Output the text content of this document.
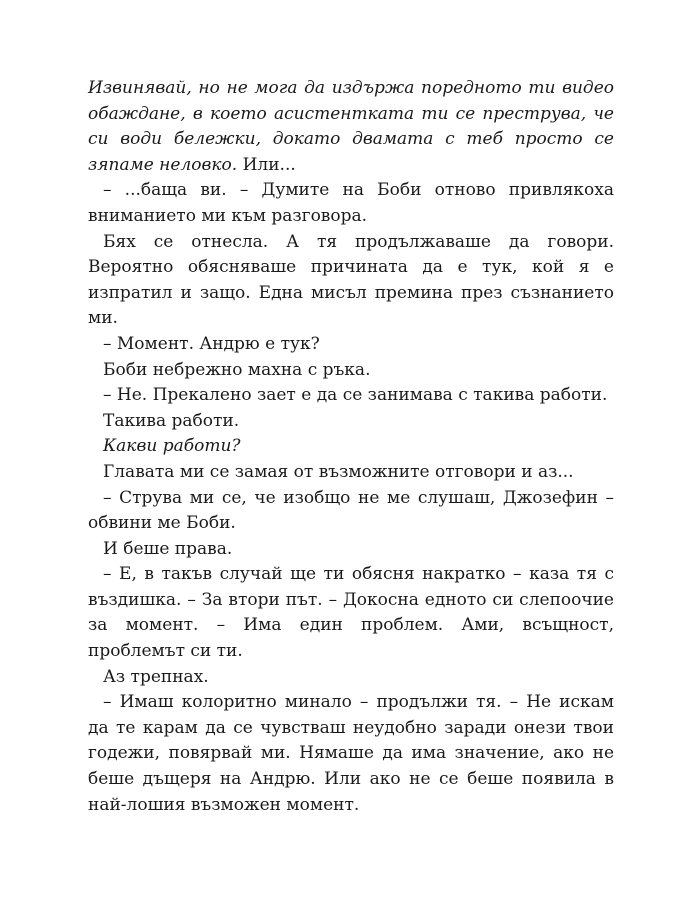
Извинявай, но не мога да издържа поредното ти видео обаждане, в което асистентката ти се преструва, че си води бележки, докато двамата с теб просто се зяпаме неловко. Или...

– ...баща ви. – Думите на Боби отново привлякоха вниманието ми към разговора.

Бях се отнесла. А тя продължаваше да говори. Вероятно обясняваше причината да е тук, кой я е изпратил и защо. Една мисъл премина през съзнанието ми.

– Момент. Андрю е тук?

Боби небрежно махна с ръка.

– Не. Прекалено зает е да се занимава с такива работи.

Такива работи.

Какви работи?

Главата ми се замая от възможните отговори и аз...

– Струва ми се, че изобщо не ме слушаш, Джозефин – обвини ме Боби.

И беше права.

– Е, в такъв случай ще ти обясня накратко – каза тя с въздишка. – За втори път. – Докосна едното си слепоочие за момент. – Има един проблем. Ами, всъщност, проблемът си ти.

Аз трепнах.

– Имаш колоритно минало – продължи тя. – Не искам да те карам да се чувстваш неудобно заради онези твои годежи, повярвай ми. Нямаше да има значение, ако не беше дъщеря на Андрю. Или ако не се беше появила в най-лошия възможен момент.
